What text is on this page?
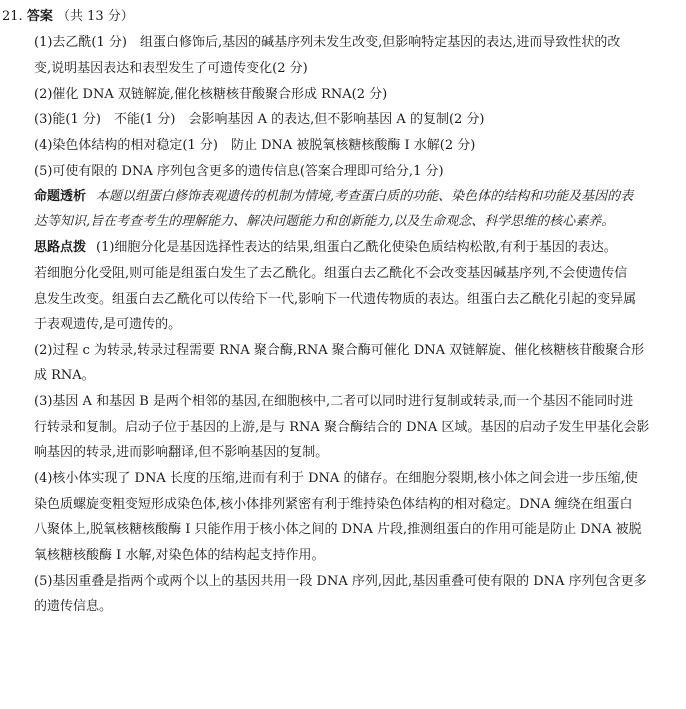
21. 答案 （共 13 分）
(1)去乙酰(1 分)　组蛋白修饰后,基因的碱基序列未发生改变,但影响特定基因的表达,进而导致性状的改
变,说明基因表达和表型发生了可遗传变化(2 分)
(2)催化 DNA 双链解旋,催化核糖核苷酸聚合形成 RNA(2 分)
(3)能(1 分)　不能(1 分)　会影响基因 A 的表达,但不影响基因 A 的复制(2 分)
(4)染色体结构的相对稳定(1 分)　防止 DNA 被脱氧核糖核酸酶 Ⅰ 水解(2 分)
(5)可使有限的 DNA 序列包含更多的遗传信息(答案合理即可给分,1 分)
命题透析 本题以组蛋白修饰表观遗传的机制为情境,考查蛋白质的功能、染色体的结构和功能及基因的表
达等知识,旨在考查考生的理解能力、解决问题能力和创新能力,以及生命观念、科学思维的核心素养。
思路点拨 (1)细胞分化是基因选择性表达的结果,组蛋白乙酰化使染色质结构松散,有利于基因的表达。
若细胞分化受阻,则可能是组蛋白发生了去乙酰化。组蛋白去乙酰化不会改变基因碱基序列,不会使遗传信
息发生改变。组蛋白去乙酰化可以传给下一代,影响下一代遗传物质的表达。组蛋白去乙酰化引起的变异属
于表观遗传,是可遗传的。
(2)过程 c 为转录,转录过程需要 RNA 聚合酶,RNA 聚合酶可催化 DNA 双链解旋、催化核糖核苷酸聚合形
成 RNA。
(3)基因 A 和基因 B 是两个相邻的基因,在细胞核中,二者可以同时进行复制或转录,而一个基因不能同时进
行转录和复制。启动子位于基因的上游,是与 RNA 聚合酶结合的 DNA 区域。基因的启动子发生甲基化会影
响基因的转录,进而影响翻译,但不影响基因的复制。
(4)核小体实现了 DNA 长度的压缩,进而有利于 DNA 的储存。在细胞分裂期,核小体之间会进一步压缩,使
染色质螺旋变粗变短形成染色体,核小体排列紧密有利于维持染色体结构的相对稳定。DNA 缠绕在组蛋白
八聚体上,脱氧核糖核酸酶 Ⅰ 只能作用于核小体之间的 DNA 片段,推测组蛋白的作用可能是防止 DNA 被脱
氧核糖核酸酶 Ⅰ 水解,对染色体的结构起支持作用。
(5)基因重叠是指两个或两个以上的基因共用一段 DNA 序列,因此,基因重叠可使有限的 DNA 序列包含更多
的遗传信息。
